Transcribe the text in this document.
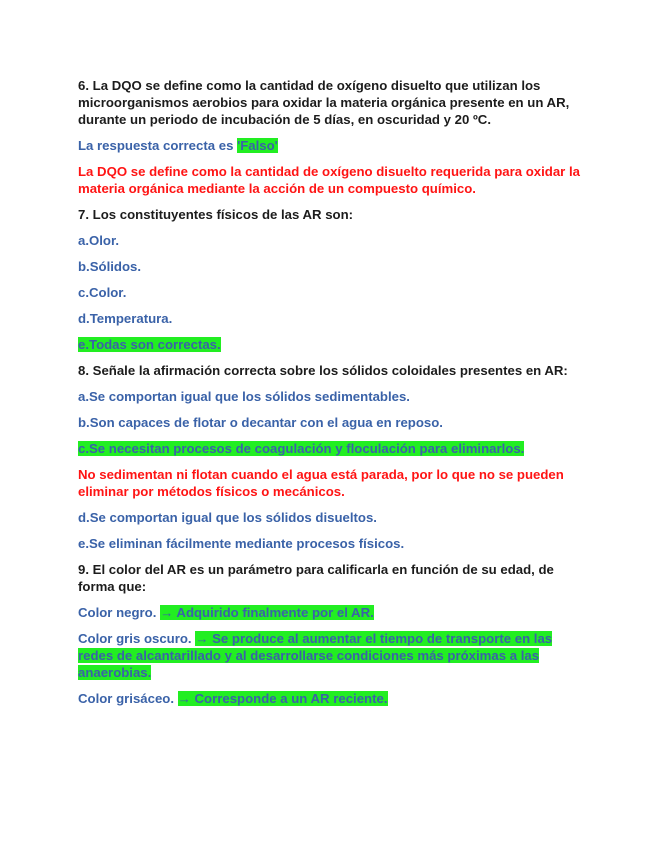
6. La DQO se define como la cantidad de oxígeno disuelto que utilizan los microorganismos aerobios para oxidar la materia orgánica presente en un AR, durante un periodo de incubación de 5 días, en oscuridad y 20 ºC.

La respuesta correcta es 'Falso'

La DQO se define como la cantidad de oxígeno disuelto requerida para oxidar la materia orgánica mediante la acción de un compuesto químico.

7. Los constituyentes físicos de las AR son:

a.Olor.

b.Sólidos.

c.Color.

d.Temperatura.

e.Todas son correctas.

8. Señale la afirmación correcta sobre los sólidos coloidales presentes en AR:

a.Se comportan igual que los sólidos sedimentables.

b.Son capaces de flotar o decantar con el agua en reposo.

c.Se necesitan procesos de coagulación y floculación para eliminarlos.

No sedimentan ni flotan cuando el agua está parada, por lo que no se pueden eliminar por métodos físicos o mecánicos.

d.Se comportan igual que los sólidos disueltos.

e.Se eliminan fácilmente mediante procesos físicos.

9. El color del AR es un parámetro para calificarla en función de su edad, de forma que:

Color negro. → Adquirido finalmente por el AR.

Color gris oscuro. → Se produce al aumentar el tiempo de transporte en las redes de alcantarillado y al desarrollarse condiciones más próximas a las anaerobias.

Color grisáceo. → Corresponde a un AR reciente.
